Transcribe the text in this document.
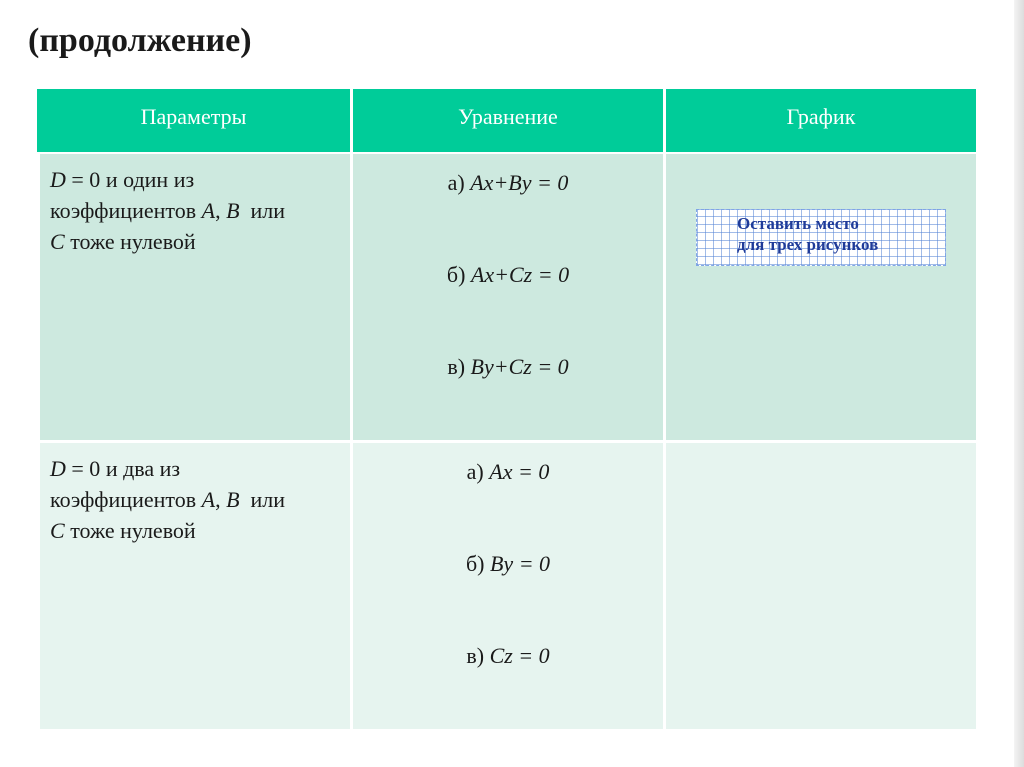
(продолжение)
Параметры	Уравнение	График
D = 0 и один из
коэффициентов A, B  или
C тоже нулевой
а) Ax+By = 0
б) Ax+Cz = 0
в) By+Cz = 0
Оставить место
для трех рисунков
D = 0 и два из
коэффициентов A, B  или
C тоже нулевой
а) Ax = 0
б) By = 0
в) Cz = 0
